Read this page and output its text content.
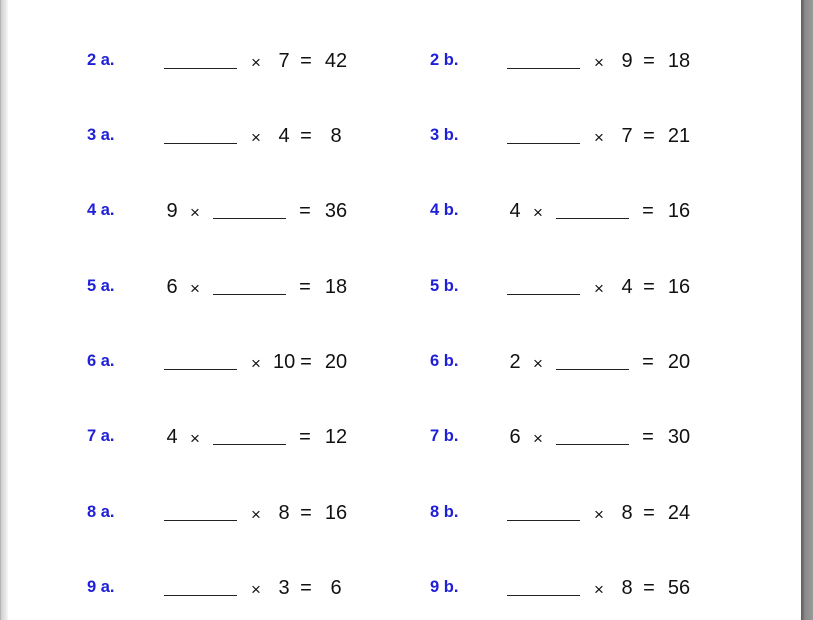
2 a.	× 7 = 42	2 b.	× 9 = 18
3 a.	× 4 = 8	3 b.	× 7 = 21
4 a.	9 ×	= 36	4 b.	4 ×	= 16
5 a.	6 ×	= 18	5 b.	× 4 = 16
6 a.	× 10 = 20	6 b.	2 ×	= 20
7 a.	4 ×	= 12	7 b.	6 ×	= 30
8 a.	× 8 = 16	8 b.	× 8 = 24
9 a.	× 3 = 6	9 b.	× 8 = 56
